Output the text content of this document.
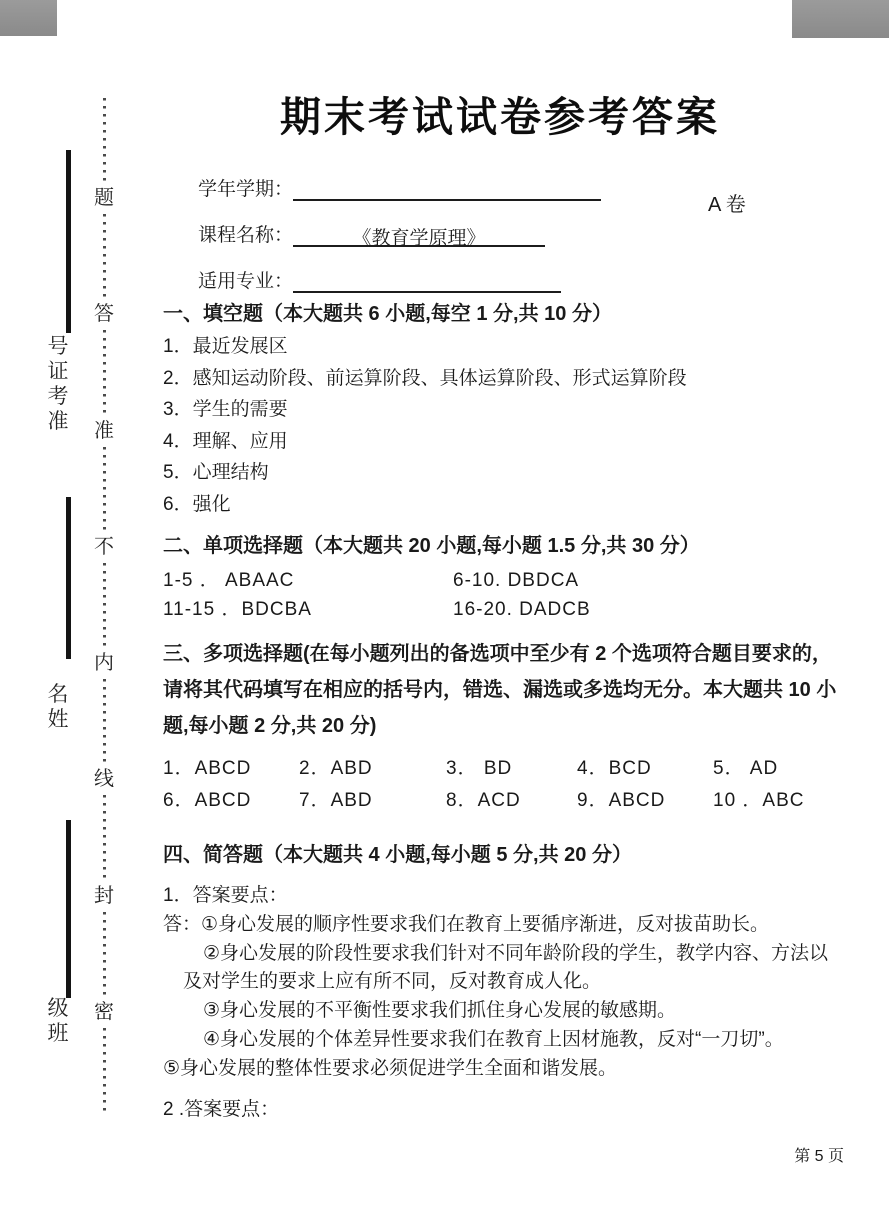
题
答
准
不
内
线
封
密
号
证
考
准
名
姓
级
班
期末考试试卷参考答案
学年学期：
课程名称：	《教育学原理》
适用专业：
A 卷

一、填空题（本大题共 6 小题,每空 1 分,共 10 分）

1．最近发展区
2．感知运动阶段、前运算阶段、具体运算阶段、形式运算阶段
3．学生的需要
4．理解、应用
5．心理结构
6．强化

二、单项选择题（本大题共 20 小题,每小题 1.5 分,共 30 分）

1-5 ． ABAAC	6-10. DBDCA
11-15 ．BDCBA	16-20. DADCB

三、多项选择题(在每小题列出的备选项中至少有 2 个选项符合题目要求的，请将其代码填写在相应的括号内，错选、漏选或多选均无分。本大题共 10 小题,每小题 2 分,共 20 分)

1．ABCD	2．ABD	3． BD	4．BCD	5． AD
6．ABCD	7．ABD	8．ACD	9．ABCD	10 ．ABC

四、简答题（本大题共 4 小题,每小题 5 分,共 20 分）

1．答案要点：

答：①身心发展的顺序性要求我们在教育上要循序渐进，反对拔苗助长。

②身心发展的阶段性要求我们针对不同年龄阶段的学生，教学内容、方法以及对学生的要求上应有所不同，反对教育成人化。

③身心发展的不平衡性要求我们抓住身心发展的敏感期。

④身心发展的个体差异性要求我们在教育上因材施教，反对“一刀切”。

⑤身心发展的整体性要求必须促进学生全面和谐发展。

2 .答案要点：
第 5 页
